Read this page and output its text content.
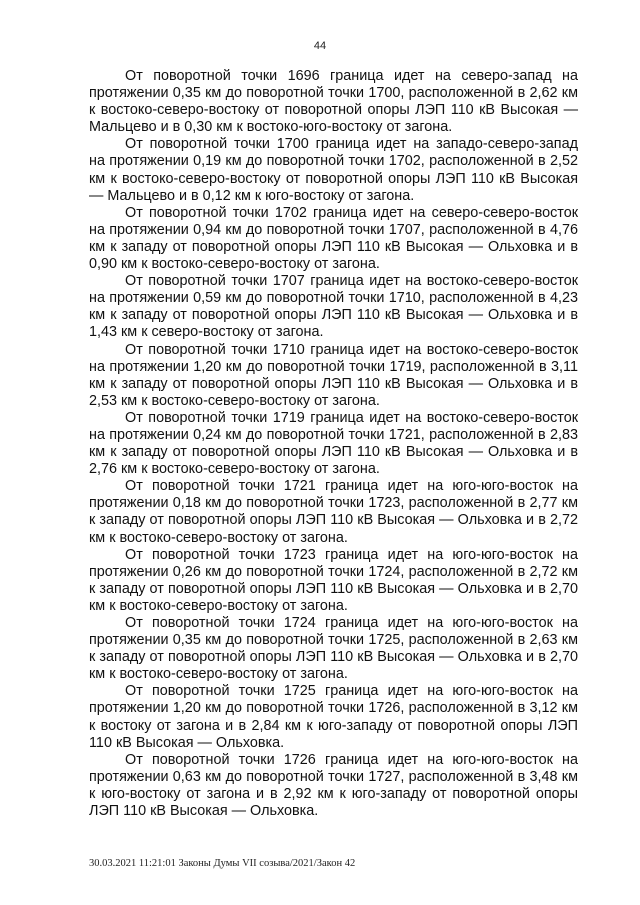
44

От поворотной точки 1696 граница идет на северо-запад на протяжении 0,35 км до поворотной точки 1700, расположенной в 2,62 км к востоко-северо-востоку от поворотной опоры ЛЭП 110 кВ Высокая — Мальцево и в 0,30 км к востоко-юго-востоку от загона.

От поворотной точки 1700 граница идет на западо-северо-запад на протяжении 0,19 км до поворотной точки 1702, расположенной в 2,52 км к востоко-северо-востоку от поворотной опоры ЛЭП 110 кВ Высокая — Мальцево и в 0,12 км к юго-востоку от загона.

От поворотной точки 1702 граница идет на северо-северо-восток на протяжении 0,94 км до поворотной точки 1707, расположенной в 4,76 км к западу от поворотной опоры ЛЭП 110 кВ Высокая — Ольховка и в 0,90 км к востоко-северо-востоку от загона.

От поворотной точки 1707 граница идет на востоко-северо-восток на протяжении 0,59 км до поворотной точки 1710, расположенной в 4,23 км к западу от поворотной опоры ЛЭП 110 кВ Высокая — Ольховка и в 1,43 км к северо-востоку от загона.

От поворотной точки 1710 граница идет на востоко-северо-восток на протяжении 1,20 км до поворотной точки 1719, расположенной в 3,11 км к западу от поворотной опоры ЛЭП 110 кВ Высокая — Ольховка и в 2,53 км к востоко-северо-востоку от загона.

От поворотной точки 1719 граница идет на востоко-северо-восток на протяжении 0,24 км до поворотной точки 1721, расположенной в 2,83 км к западу от поворотной опоры ЛЭП 110 кВ Высокая — Ольховка и в 2,76 км к востоко-северо-востоку от загона.

От поворотной точки 1721 граница идет на юго-юго-восток на протяжении 0,18 км до поворотной точки 1723, расположенной в 2,77 км к западу от поворотной опоры ЛЭП 110 кВ Высокая — Ольховка и в 2,72 км к востоко-северо-востоку от загона.

От поворотной точки 1723 граница идет на юго-юго-восток на протяжении 0,26 км до поворотной точки 1724, расположенной в 2,72 км к западу от поворотной опоры ЛЭП 110 кВ Высокая — Ольховка и в 2,70 км к востоко-северо-востоку от загона.

От поворотной точки 1724 граница идет на юго-юго-восток на протяжении 0,35 км до поворотной точки 1725, расположенной в 2,63 км к западу от поворотной опоры ЛЭП 110 кВ Высокая — Ольховка и в 2,70 км к востоко-северо-востоку от загона.

От поворотной точки 1725 граница идет на юго-юго-восток на протяжении 1,20 км до поворотной точки 1726, расположенной в 3,12 км к востоку от загона и в 2,84 км к юго-западу от поворотной опоры ЛЭП 110 кВ Высокая — Ольховка.

От поворотной точки 1726 граница идет на юго-юго-восток на протяжении 0,63 км до поворотной точки 1727, расположенной в 3,48 км к юго-востоку от загона и в 2,92 км к юго-западу от поворотной опоры ЛЭП 110 кВ Высокая — Ольховка.

30.03.2021 11:21:01 Законы Думы VII созыва/2021/Закон 42
